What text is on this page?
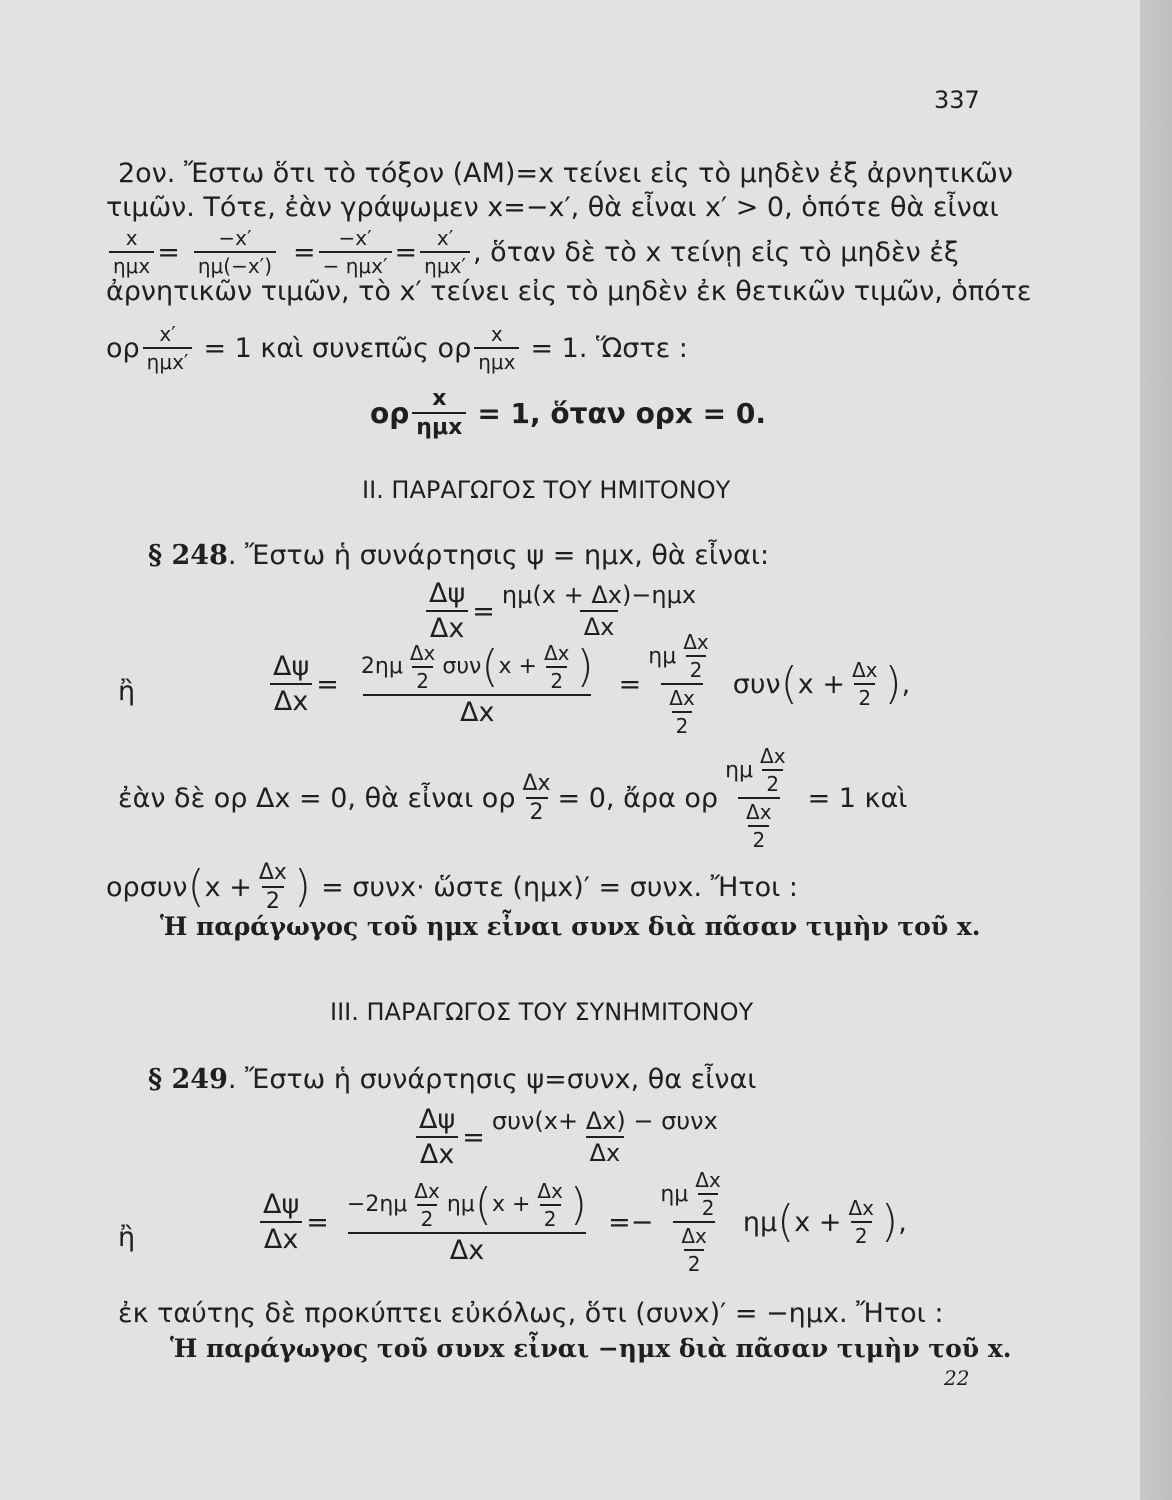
337
2ον. Ἔστω ὅτι τὸ τόξον (ΑΜ)=x τείνει εἰς τὸ μηδὲν ἐξ ἀρνητικῶν
τιμῶν. Τότε, ἐὰν γράψωμεν x=−x′, θὰ εἶναι x′ > 0, ὁπότε θὰ εἶναι
$\frac{x}{\text{ημx}} = \frac{-x'}{\eta\mu(-x')} = \frac{-x'}{\text{− ημx′}} = \frac{x'}{\text{ημx′}}$ , ὅταν δὲ τὸ x τείνῃ εἰς τὸ μηδὲν ἐξ
ἀρνητικῶν τιμῶν, τὸ x′ τείνει εἰς τὸ μηδὲν ἐκ θετικῶν τιμῶν, ὁπότε
ορ $\frac{x'}{\text{ημx′}} = 1$ καὶ συνεπῶς ορ $\frac{x}{\text{ημx}} = 1$. Ὥστε :
ορ $\frac{x}{\text{ημx}} = 1$, ὅταν ορx = 0.
II. ΠΑΡΑΓΩΓΟΣ ΤΟΥ ΗΜΙΤΟΝΟΥ
§ 248. Ἔστω ἡ συνάρτησις ψ = ημx, θὰ εἶναι:
$\frac{\Delta\psi}{\Delta x} = \frac{\text{ημ(x + Δx)−ημx}}{\Delta x}$
ἢ	$\frac{\Delta\psi}{\Delta x}$ =
$2\eta\mu \frac{\Delta x}{2}$ συν ( $x + \frac{\Delta x}{2}$ )
Δx
= $\frac{\eta\mu \frac{\Delta x}{2}}{\frac{\Delta x}{2}}$ συν ( $x + \frac{\Delta x}{2}$ ) ,
ἐὰν δὲ ορ Δx = 0, θὰ εἶναι ορ $\frac{\Delta x}{2} = 0$, ἄρα ορ $\frac{\eta\mu \frac{\Delta x}{2}}{\frac{\Delta x}{2}} = 1$ καὶ
ορσυν ( $x + \frac{\Delta x}{2}$ ) = συνx· ὥστε (ημx)′ = συνx. Ἤτοι :
Ἡ παράγωγος τοῦ ημx εἶναι συνx διὰ πᾶσαν τιμὴν τοῦ x.
III. ΠΑΡΑΓΩΓΟΣ ΤΟΥ ΣΥΝΗΜΙΤΟΝΟΥ
§ 249. Ἔστω ἡ συνάρτησις ψ=συνx, θα εἶναι
$\frac{\Delta\psi}{\Delta x} = \frac{\text{συν(x+ Δx) − συνx}}{\Delta x}$
ἢ	$\frac{\Delta\psi}{\Delta x}$ =
$-2\eta\mu \frac{\Delta x}{2}$ ημ ( $x + \frac{\Delta x}{2}$ )
Δx
= − $\frac{\eta\mu \frac{\Delta x}{2}}{\frac{\Delta x}{2}}$ ημ ( $x + \frac{\Delta x}{2}$ ) ,
ἐκ ταύτης δὲ προκύπτει εὐκόλως, ὅτι (συνx)′ = −ημx. Ἤτοι :
Ἡ παράγωγος τοῦ συνx εἶναι −ημx διὰ πᾶσαν τιμὴν τοῦ x.
22
